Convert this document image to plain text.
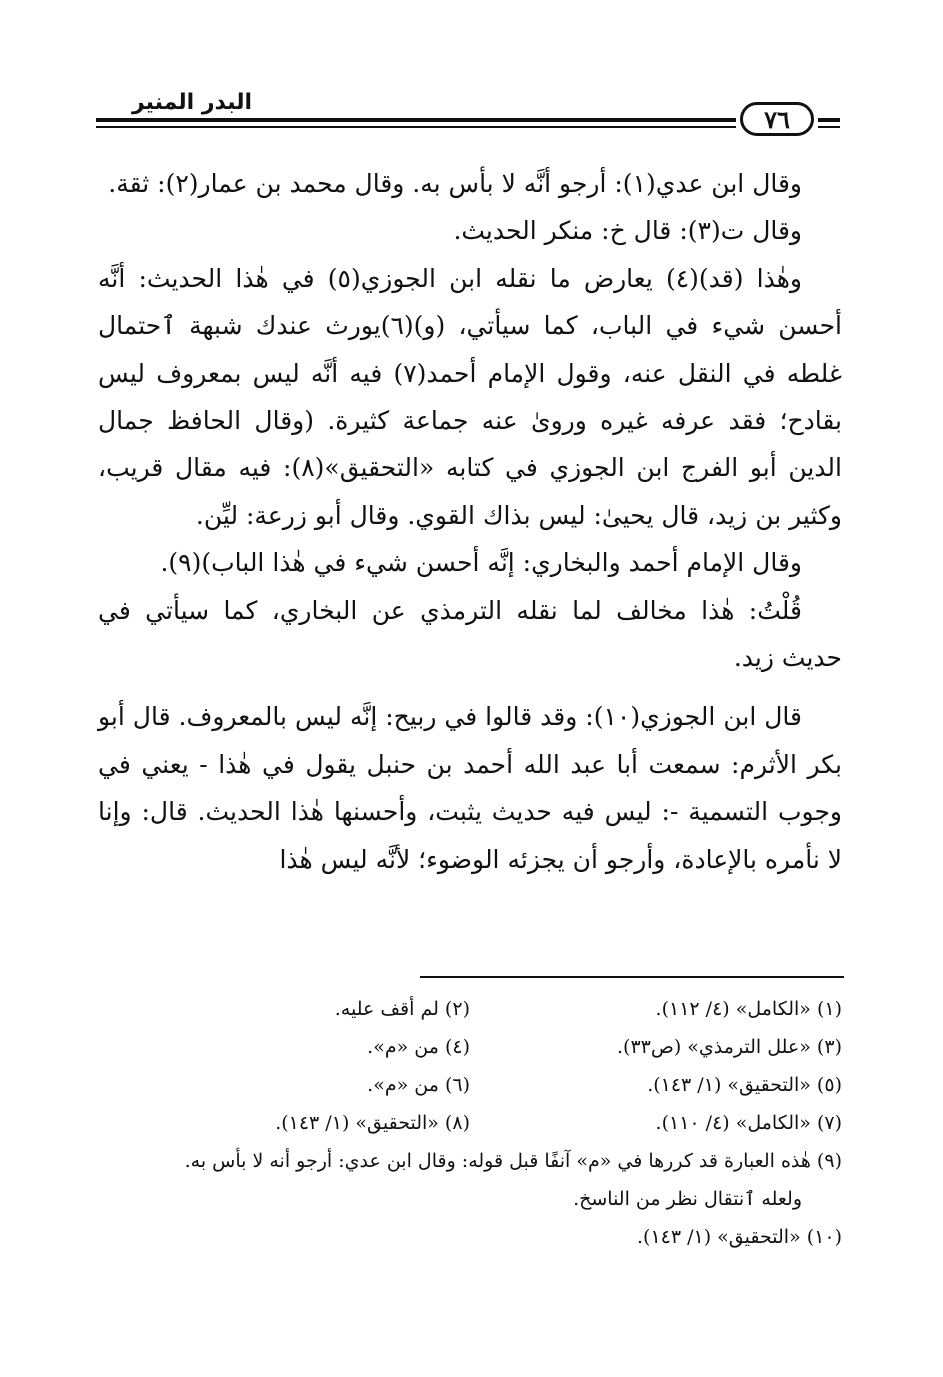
البدر المنير
٧٦

وقال ابن عدي(١): أرجو أنَّه لا بأس به. وقال محمد بن عمار(٢): ثقة.

وقال ت(٣): قال خ: منكر الحديث.

وهٰذا (قد)(٤) يعارض ما نقله ابن الجوزي(٥) في هٰذا الحديث: أنَّه أحسن شيء في الباب، كما سيأتي، (و)(٦)يورث عندك شبهة ٱحتمال غلطه في النقل عنه، وقول الإمام أحمد(٧) فيه أنَّه ليس بمعروف ليس بقادح؛ فقد عرفه غيره وروىٰ عنه جماعة كثيرة. (وقال الحافظ جمال الدين أبو الفرج ابن الجوزي في كتابه «التحقيق»(٨): فيه مقال قريب، وكثير بن زيد، قال يحيىٰ: ليس بذاك القوي. وقال أبو زرعة: ليِّن.

وقال الإمام أحمد والبخاري: إنَّه أحسن شيء في هٰذا الباب)(٩).

قُلْتُ: هٰذا مخالف لما نقله الترمذي عن البخاري، كما سيأتي في حديث زيد.

قال ابن الجوزي(١٠): وقد قالوا في ربيح: إنَّه ليس بالمعروف. قال أبو بكر الأثرم: سمعت أبا عبد الله أحمد بن حنبل يقول في هٰذا - يعني في وجوب التسمية -: ليس فيه حديث يثبت، وأحسنها هٰذا الحديث. قال: وإنا لا نأمره بالإعادة، وأرجو أن يجزئه الوضوء؛ لأنَّه ليس هٰذا

(١) «الكامل» (٤/ ١١٢).
(٢) لم أقف عليه.
(٣) «علل الترمذي» (ص٣٣).
(٤) من «م».
(٥) «التحقيق» (١/ ١٤٣).
(٦) من «م».
(٧) «الكامل» (٤/ ١١٠).
(٨) «التحقيق» (١/ ١٤٣).
(٩) هٰذه العبارة قد كررها في «م» آنفًا قبل قوله: وقال ابن عدي: أرجو أنه لا بأس به.
ولعله ٱنتقال نظر من الناسخ.
(١٠) «التحقيق» (١/ ١٤٣).
